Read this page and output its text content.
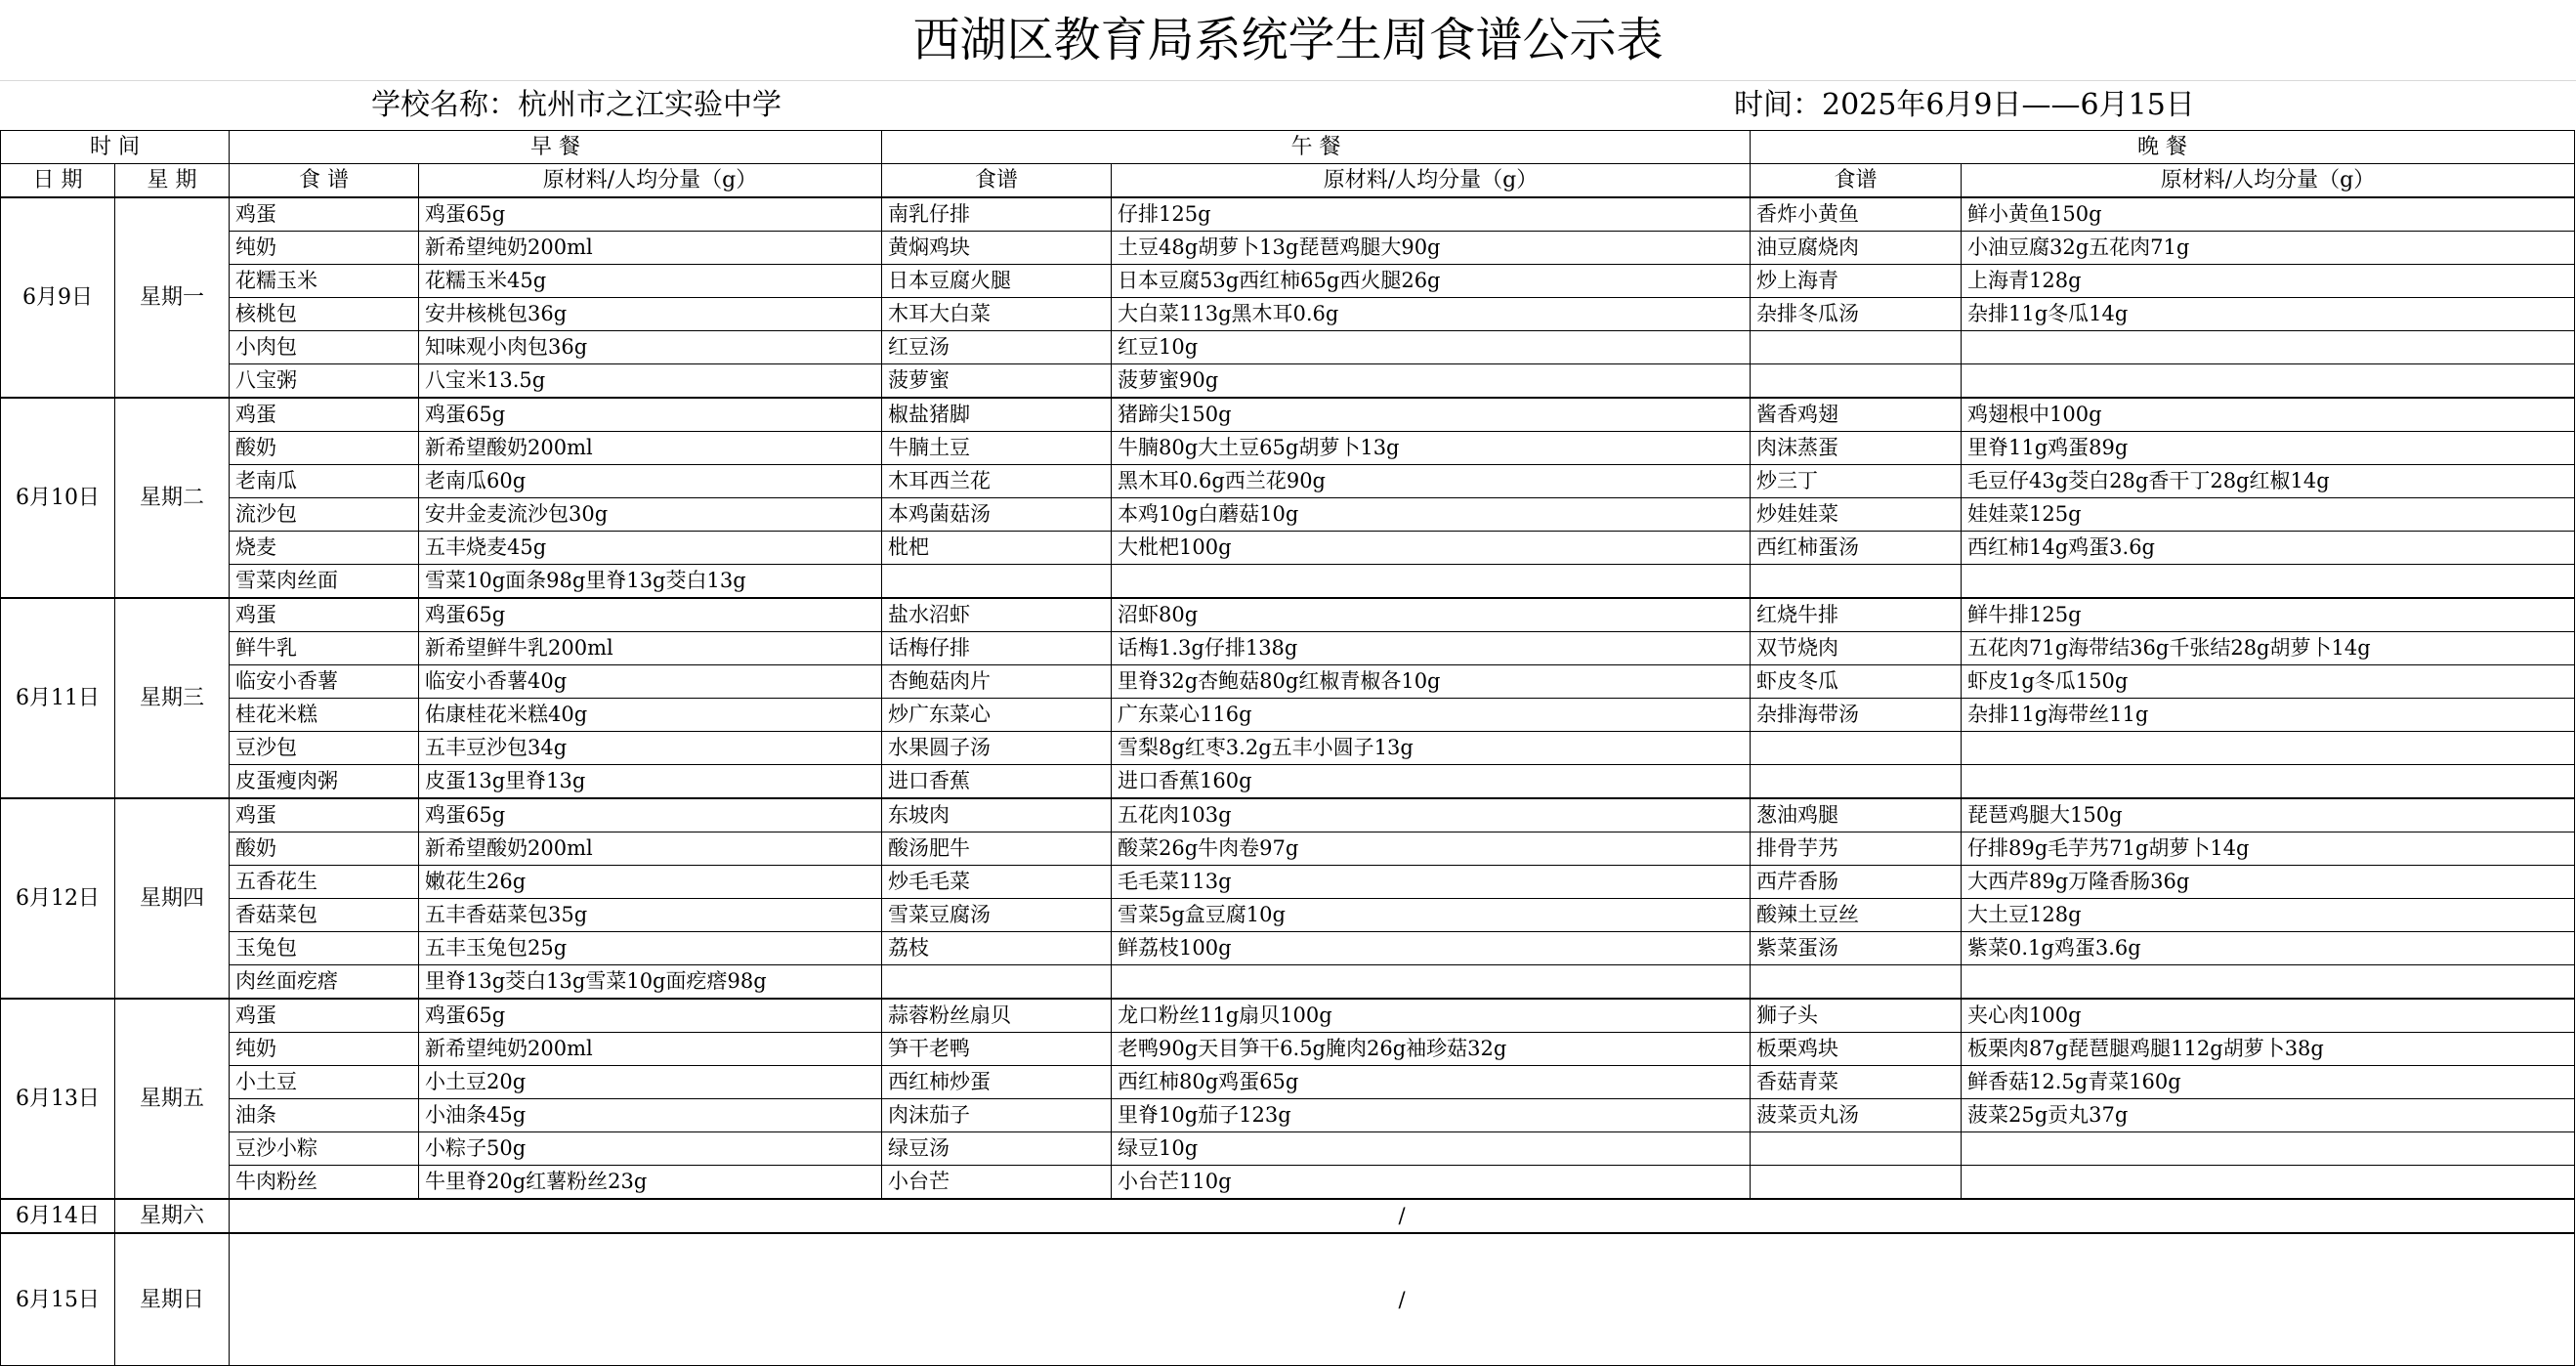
西湖区教育局系统学生周食谱公示表
学校名称：杭州市之江实验中学	时间：2025年6月9日——6月15日
时 间		早 餐		午 餐		晚 餐	
日 期	星 期	食 谱	原材料/人均分量（g）	食谱	原材料/人均分量（g）	食谱	原材料/人均分量（g）
6月9日	星期一	鸡蛋	鸡蛋65g	南乳仔排	仔排125g	香炸小黄鱼	鲜小黄鱼150g
		纯奶	新希望纯奶200ml	黄焖鸡块	土豆48g胡萝卜13g琵琶鸡腿大90g	油豆腐烧肉	小油豆腐32g五花肉71g
		花糯玉米	花糯玉米45g	日本豆腐火腿	日本豆腐53g西红柿65g西火腿26g	炒上海青	上海青128g
		核桃包	安井核桃包36g	木耳大白菜	大白菜113g黑木耳0.6g	杂排冬瓜汤	杂排11g冬瓜14g
		小肉包	知味观小肉包36g	红豆汤	红豆10g		
		八宝粥	八宝米13.5g	菠萝蜜	菠萝蜜90g		
6月10日	星期二	鸡蛋	鸡蛋65g	椒盐猪脚	猪蹄尖150g	酱香鸡翅	鸡翅根中100g
		酸奶	新希望酸奶200ml	牛腩土豆	牛腩80g大土豆65g胡萝卜13g	肉沫蒸蛋	里脊11g鸡蛋89g
		老南瓜	老南瓜60g	木耳西兰花	黑木耳0.6g西兰花90g	炒三丁	毛豆仔43g茭白28g香干丁28g红椒14g
		流沙包	安井金麦流沙包30g	本鸡菌菇汤	本鸡10g白蘑菇10g	炒娃娃菜	娃娃菜125g
		烧麦	五丰烧麦45g	枇杷	大枇杷100g	西红柿蛋汤	西红柿14g鸡蛋3.6g
		雪菜肉丝面	雪菜10g面条98g里脊13g茭白13g				
6月11日	星期三	鸡蛋	鸡蛋65g	盐水沼虾	沼虾80g	红烧牛排	鲜牛排125g
		鲜牛乳	新希望鲜牛乳200ml	话梅仔排	话梅1.3g仔排138g	双节烧肉	五花肉71g海带结36g千张结28g胡萝卜14g
		临安小香薯	临安小香薯40g	杏鲍菇肉片	里脊32g杏鲍菇80g红椒青椒各10g	虾皮冬瓜	虾皮1g冬瓜150g
		桂花米糕	佑康桂花米糕40g	炒广东菜心	广东菜心116g	杂排海带汤	杂排11g海带丝11g
		豆沙包	五丰豆沙包34g	水果圆子汤	雪梨8g红枣3.2g五丰小圆子13g		
		皮蛋瘦肉粥	皮蛋13g里脊13g	进口香蕉	进口香蕉160g		
6月12日	星期四	鸡蛋	鸡蛋65g	东坡肉	五花肉103g	葱油鸡腿	琵琶鸡腿大150g
		酸奶	新希望酸奶200ml	酸汤肥牛	酸菜26g牛肉卷97g	排骨芋艿	仔排89g毛芋艿71g胡萝卜14g
		五香花生	嫩花生26g	炒毛毛菜	毛毛菜113g	西芹香肠	大西芹89g万隆香肠36g
		香菇菜包	五丰香菇菜包35g	雪菜豆腐汤	雪菜5g盒豆腐10g	酸辣土豆丝	大土豆128g
		玉兔包	五丰玉兔包25g	荔枝	鲜荔枝100g	紫菜蛋汤	紫菜0.1g鸡蛋3.6g
		肉丝面疙瘩	里脊13g茭白13g雪菜10g面疙瘩98g				
6月13日	星期五	鸡蛋	鸡蛋65g	蒜蓉粉丝扇贝	龙口粉丝11g扇贝100g	狮子头	夹心肉100g
		纯奶	新希望纯奶200ml	笋干老鸭	老鸭90g天目笋干6.5g腌肉26g袖珍菇32g	板栗鸡块	板栗肉87g琵琶腿鸡腿112g胡萝卜38g
		小土豆	小土豆20g	西红柿炒蛋	西红柿80g鸡蛋65g	香菇青菜	鲜香菇12.5g青菜160g
		油条	小油条45g	肉沫茄子	里脊10g茄子123g	菠菜贡丸汤	菠菜25g贡丸37g
		豆沙小粽	小粽子50g	绿豆汤	绿豆10g		
		牛肉粉丝	牛里脊20g红薯粉丝23g	小台芒	小台芒110g		
6月14日	星期六	/					
6月15日	星期日	/					
